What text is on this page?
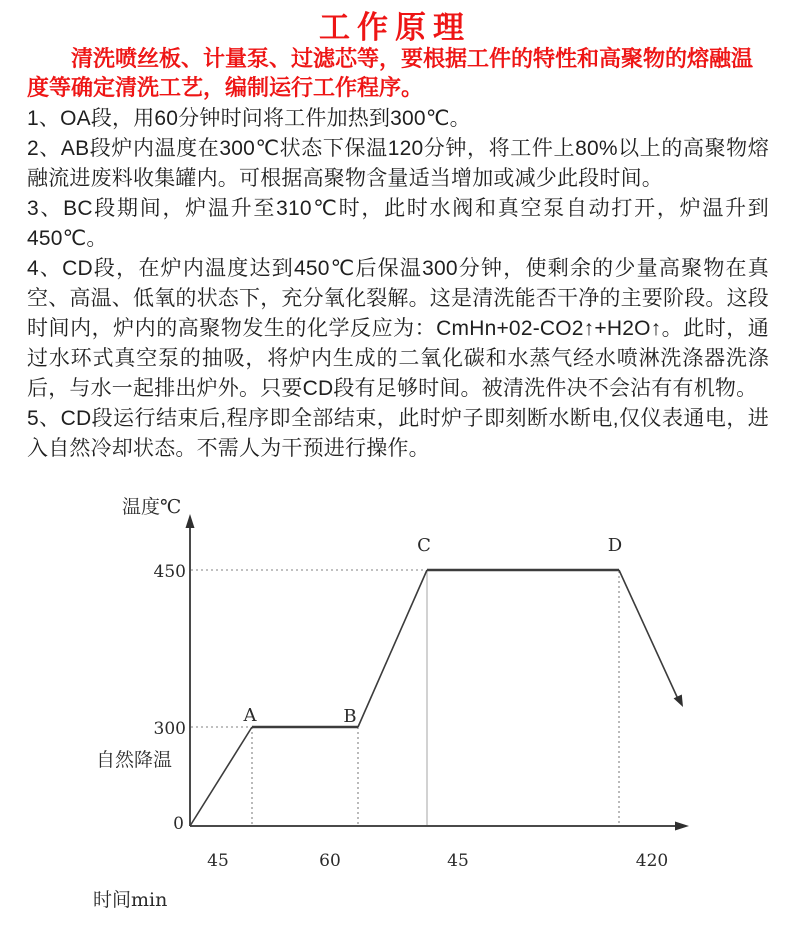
工作原理

清洗喷丝板、计量泵、过滤芯等，要根据工件的特性和高聚物的熔融温度等确定清洗工艺，编制运行工作程序。

1、OA段，用60分钟时问将工件加热到300℃。

2、AB段炉内温度在300℃状态下保温120分钟，将工件上80%以上的高聚物熔融流进废料收集罐内。可根据高聚物含量适当增加或减少此段时间。

3、BC段期间，炉温升至310℃时，此时水阀和真空泵自动打开，炉温升到450℃。

4、CD段，在炉内温度达到450℃后保温300分钟，使剩余的少量高聚物在真空、高温、低氧的状态下，充分氧化裂解。这是清洗能否干净的主要阶段。这段时间内，炉内的高聚物发生的化学反应为：CmHn+02-CO2↑+H2O↑。此时，通过水环式真空泵的抽吸，将炉内生成的二氧化碳和水蒸气经水喷淋洗涤器洗涤后，与水一起排出炉外。只要CD段有足够时间。被清洗件决不会沾有有机物。

5、CD段运行结束后,程序即全部结束，此时炉子即刻断水断电,仅仪表通电，进入自然冷却状态。不需人为干预进行操作。

温度℃
时间min
自然降温
450
300
0
A	B
C	D
45	60	45	420
